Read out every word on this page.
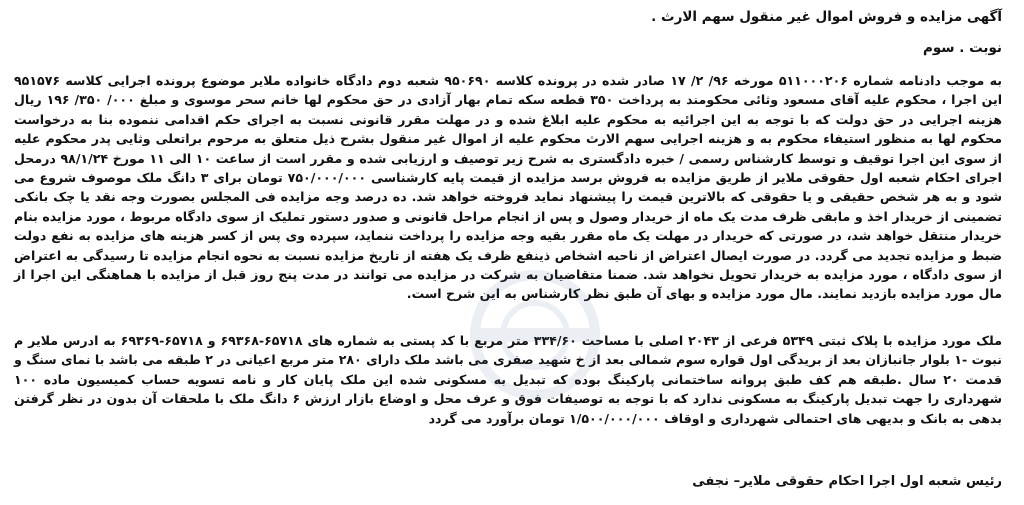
آگهی مزایده و فروش اموال غیر منقول سهم الارث .
نوبت . سوم
به موجب دادنامه شماره ۵۱۱۰۰۰۲۰۶ مورخه ۹۶/ ۲/ ۱۷ صادر شده در پرونده کلاسه ۹۵۰۶۹۰ شعبه دوم دادگاه خانواده ملایر موضوع پرونده اجرایی کلاسه ۹۵۱۵۷۶ این اجرا ، محکوم علیه آقای مسعود وثائی محکومند به پرداخت ۳۵۰ قطعه سکه تمام بهار آزادی در حق محکوم لها خانم سحر موسوی و مبلغ ۰۰۰/ ۳۵۰/ ۱۹۶ ریال هزینه اجرایی در حق دولت که با توجه به این اجرائیه به محکوم علیه ابلاغ شده و در مهلت مقرر قانونی نسبت به اجرای حکم اقدامی ننموده بنا به درخواست محکوم لها به منظور استیفاء محکوم به و هزینه اجرایی سهم الارث محکوم علیه از اموال غیر منقول بشرح ذیل متعلق به مرحوم براتعلی وثایی پدر محکوم علیه از سوی این اجرا توقیف و توسط کارشناس رسمی / خبره دادگستری به شرح زیر توصیف و ارزیابی شده و مقرر است از ساعت ۱۰ الی ۱۱ مورخ ۹۸/۱/۲۴ درمحل اجرای احکام شعبه اول حقوقی ملایر از طریق مزایده به فروش برسد مزایده از قیمت پایه کارشناسی ۷۵۰/۰۰۰/۰۰۰ تومان برای ۳ دانگ ملک موصوف شروع می شود و به هر شخص حقیقی و یا حقوقی که بالاترین قیمت را پیشنهاد نماید فروخته خواهد شد. ده درصد وجه مزایده فی المجلس بصورت وجه نقد یا چک بانکی تضمینی از خریدار اخذ و مابقی ظرف مدت یک ماه از خریدار وصول و پس از انجام مراحل قانونی و صدور دستور تملیک از سوی دادگاه مربوط ، مورد مزایده بنام خریدار منتقل خواهد شد، در صورتی که خریدار در مهلت یک ماه مقرر بقیه وجه مزایده را پرداخت ننماید، سپرده وی پس از کسر هزینه های مزایده به نفع دولت ضبط و مزایده تجدید می گردد. در صورت ایصال اعتراض از ناحیه اشخاص ذینفع ظرف یک هفته از تاریخ مزایده نسبت به نحوه انجام مزایده تا رسیدگی به اعتراض از سوی دادگاه ، مورد مزایده به خریدار تحویل نخواهد شد. ضمنا متقاضیان به شرکت در مزایده می توانند در مدت پنج روز قبل از مزایده با هماهنگی این اجرا از مال مورد مزایده بازدید نمایند. مال مورد مزایده و بهای آن طبق نظر کارشناس به این شرح است.
ملک مورد مزایده با پلاک ثبتی ۵۳۴۹ فرعی از ۲۰۴۳ اصلی با مساحت ۳۳۴/۶۰ متر مربع با کد پستی به شماره های ۶۵۷۱۸-۶۹۳۶۸ و ۶۵۷۱۸-۶۹۳۶۹ به ادرس ملایر م نبوت -۱ بلوار جانبازان بعد از بریدگی اول قواره سوم شمالی بعد از خ شهید صفری می باشد ملک دارای ۲۸۰ متر مربع اعیانی در ۲ طبقه می باشد با نمای سنگ و قدمت ۲۰ سال .طبقه هم کف طبق پروانه ساختمانی پارکینگ بوده که تبدیل به مسکونی شده این ملک پایان کار و نامه تسویه حساب کمیسیون ماده ۱۰۰ شهرداری را جهت تبدیل پارکینگ به مسکونی ندارد که با توجه به توصیفات فوق و عرف محل و اوضاع بازار ارزش ۶ دانگ ملک با ملحقات آن بدون در نظر گرفتن بدهی به بانک و بدیهی های احتمالی شهرداری و اوقاف ۱/۵۰۰/۰۰۰/۰۰۰ تومان برآورد می گردد
رئیس شعبه اول اجرا احکام حقوقی ملایر– نجفی
